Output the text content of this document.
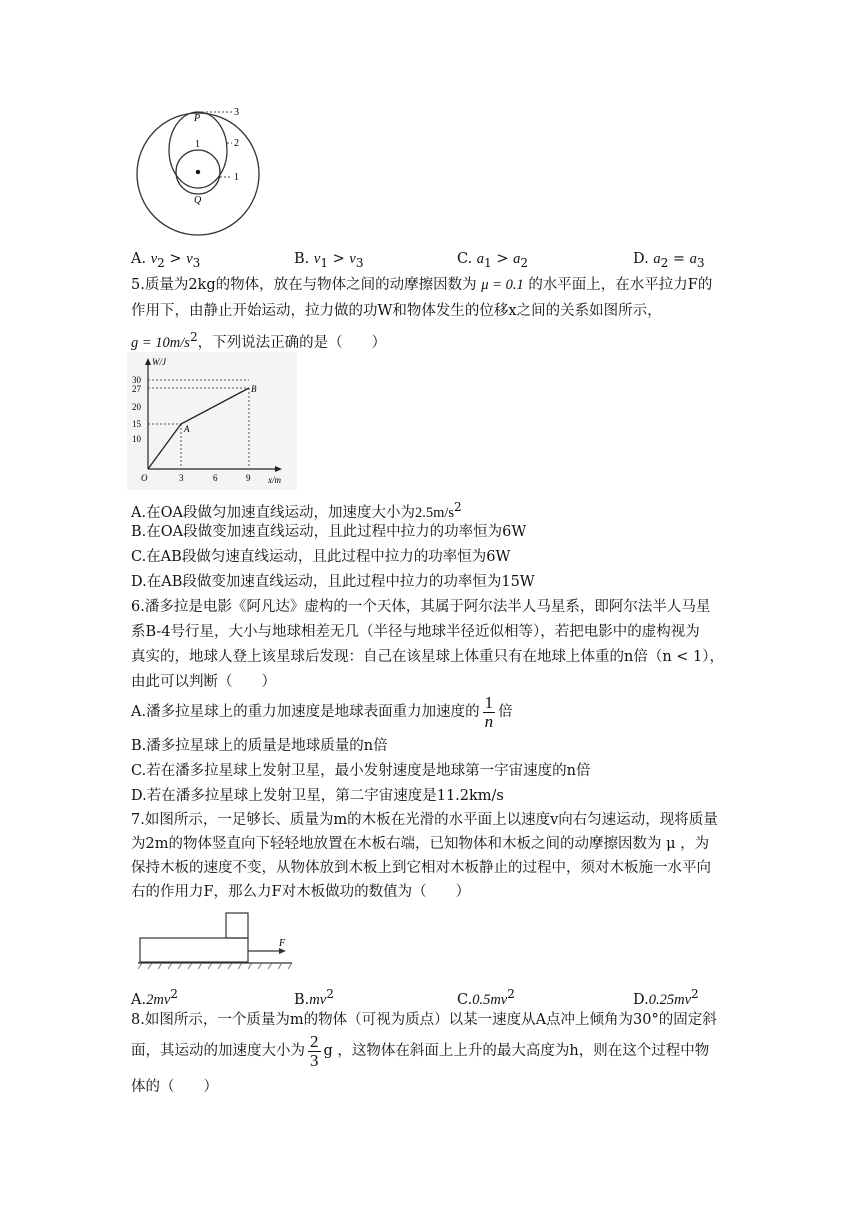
P
1
Q
3
2
1
A. $v_2 > v_3$	B. $v_1 > v_3$	C. $a_1 > a_2$	D. $a_2 = a_3$
5.质量为2kg的物体，放在与物体之间的动摩擦因数为 μ = 0.1 的水平面上，在水平拉力F的
作用下，由静止开始运动，拉力做的功W和物体发生的位移x之间的关系如图所示，
$g = 10m/s^2$，下列说法正确的是（　　）
W/J
30
27
20
15
10
O	3	6	9 x/m
A
B
A.在OA段做匀加速直线运动，加速度大小为$2.5m/s^2$
B.在OA段做变加速直线运动，且此过程中拉力的功率恒为6W
C.在AB段做匀速直线运动，且此过程中拉力的功率恒为6W
D.在AB段做变加速直线运动，且此过程中拉力的功率恒为15W
6.潘多拉是电影《阿凡达》虚构的一个天体，其属于阿尔法半人马星系，即阿尔法半人马星
系B-4号行星，大小与地球相差无几（半径与地球半径近似相等），若把电影中的虚构视为
真实的，地球人登上该星球后发现：自己在该星球上体重只有在地球上体重的n倍（n < 1），
由此可以判断（　　）
A.潘多拉星球上的重力加速度是地球表面重力加速度的 $\frac{1}{n}$ 倍
B.潘多拉星球上的质量是地球质量的n倍
C.若在潘多拉星球上发射卫星，最小发射速度是地球第一宇宙速度的n倍
D.若在潘多拉星球上发射卫星，第二宇宙速度是11.2km/s
7.如图所示，一足够长、质量为m的木板在光滑的水平面上以速度v向右匀速运动，现将质量
为2m的物体竖直向下轻轻地放置在木板右端，已知物体和木板之间的动摩擦因数为 μ ，为
保持木板的速度不变，从物体放到木板上到它相对木板静止的过程中，须对木板施一水平向
右的作用力F，那么力F对木板做功的数值为（　　）
F
$A.2mv^2$	$B.mv^2$	$C.0.5mv^2$	$D.0.25mv^2$
8.如图所示，一个质量为m的物体（可视为质点）以某一速度从A点冲上倾角为30°的固定斜
面，其运动的加速度大小为 $\frac{2}{3}$ g ，这物体在斜面上上升的最大高度为h，则在这个过程中物
体的（　　）
